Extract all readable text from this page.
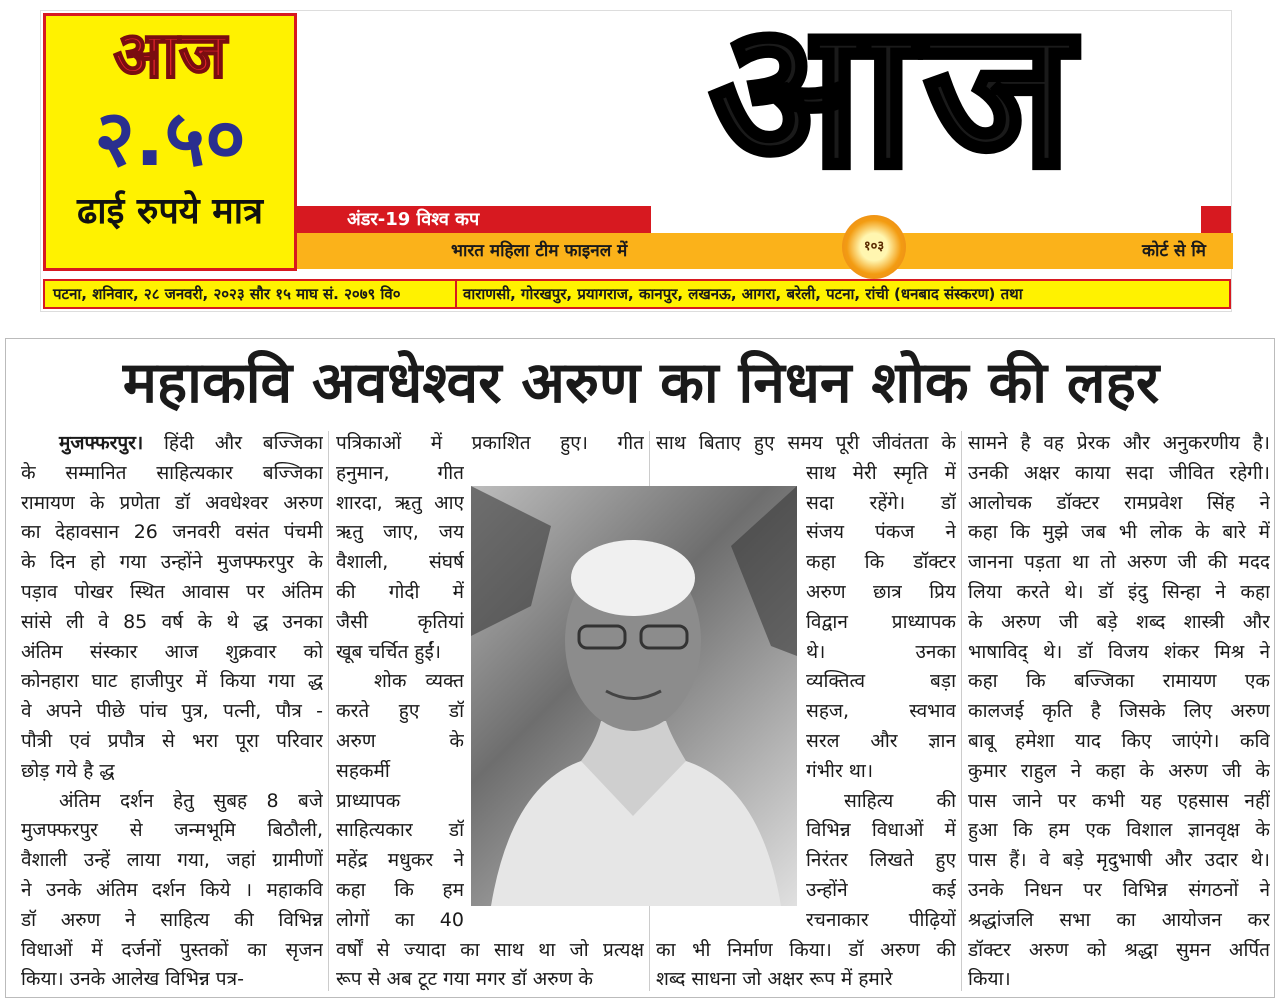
आज
२.५०
ढाई रुपये मात्र	आज
अंडर-19 विश्व कप
भारत महिला टीम फाइनल में	१०३	कोर्ट से मि
पटना, शनिवार, २८ जनवरी, २०२३ सौर १५ माघ सं. २०७९ वि०	वाराणसी, गोरखपुर, प्रयागराज, कानपुर, लखनऊ, आगरा, बरेली, पटना, रांची (धनबाद संस्करण) तथा
महाकवि अवधेश्वर अरुण का निधन शोक की लहर
मुजफ्फरपुर। हिंदी और बज्जिका
के सम्मानित साहित्यकार बज्जिका
रामायण के प्रणेता डॉ अवधेश्वर अरुण
का देहावसान 26 जनवरी वसंत पंचमी
के दिन हो गया उन्होंने मुजफ्फरपुर के
पड़ाव पोखर स्थित आवास पर अंतिम
सांसे ली वे 85 वर्ष के थे द्ध उनका
अंतिम संस्कार आज शुक्रवार को
कोनहारा घाट हाजीपुर में किया गया द्ध
वे अपने पीछे पांच पुत्र, पत्नी, पौत्र -
पौत्री एवं प्रपौत्र से भरा पूरा परिवार
छोड़ गये है द्ध
अंतिम दर्शन हेतु सुबह 8 बजे
मुजफ्फरपुर से जन्मभूमि बिठौली,
वैशाली उन्हें लाया गया, जहां ग्रामीणों
ने उनके अंतिम दर्शन किये । महाकवि
डॉ अरुण ने साहित्य की विभिन्न
विधाओं में दर्जनों पुस्तकों का सृजन
किया। उनके आलेख विभिन्न पत्र-
पत्रिकाओं में प्रकाशित हुए। गीत
हनुमान, गीत
शारदा, ऋतु आए
ऋतु जाए, जय
वैशाली, संघर्ष
की गोदी में
जैसी कृतियां
खूब चर्चित हुईं।
शोक व्यक्त
करते हुए डॉ
अरुण के
सहकर्मी
प्राध्यापक
साहित्यकार डॉ
महेंद्र मधुकर ने
कहा कि हम
लोगों का 40
वर्षों से ज्यादा का साथ था जो प्रत्यक्ष
रूप से अब टूट गया मगर डॉ अरुण के
साथ बिताए हुए समय पूरी जीवंतता के
साथ मेरी स्मृति में
सदा रहेंगे। डॉ
संजय पंकज ने
कहा कि डॉक्टर
अरुण छात्र प्रिय
विद्वान प्राध्यापक
थे। उनका
व्यक्तित्व बड़ा
सहज, स्वभाव
सरल और ज्ञान
गंभीर था।
साहित्य की
विभिन्न विधाओं में
निरंतर लिखते हुए
उन्होंने कई
रचनाकार पीढ़ियों
का भी निर्माण किया। डॉ अरुण की
शब्द साधना जो अक्षर रूप में हमारे
सामने है वह प्रेरक और अनुकरणीय है।
उनकी अक्षर काया सदा जीवित रहेगी।
आलोचक डॉक्टर रामप्रवेश सिंह ने
कहा कि मुझे जब भी लोक के बारे में
जानना पड़ता था तो अरुण जी की मदद
लिया करते थे। डॉ इंदु सिन्हा ने कहा
के अरुण जी बड़े शब्द शास्त्री और
भाषाविद् थे। डॉ विजय शंकर मिश्र ने
कहा कि बज्जिका रामायण एक
कालजई कृति है जिसके लिए अरुण
बाबू हमेशा याद किए जाएंगे। कवि
कुमार राहुल ने कहा के अरुण जी के
पास जाने पर कभी यह एहसास नहीं
हुआ कि हम एक विशाल ज्ञानवृक्ष के
पास हैं। वे बड़े मृदुभाषी और उदार थे।
उनके निधन पर विभिन्न संगठनों ने
श्रद्धांजलि सभा का आयोजन कर
डॉक्टर अरुण को श्रद्धा सुमन अर्पित
किया।
